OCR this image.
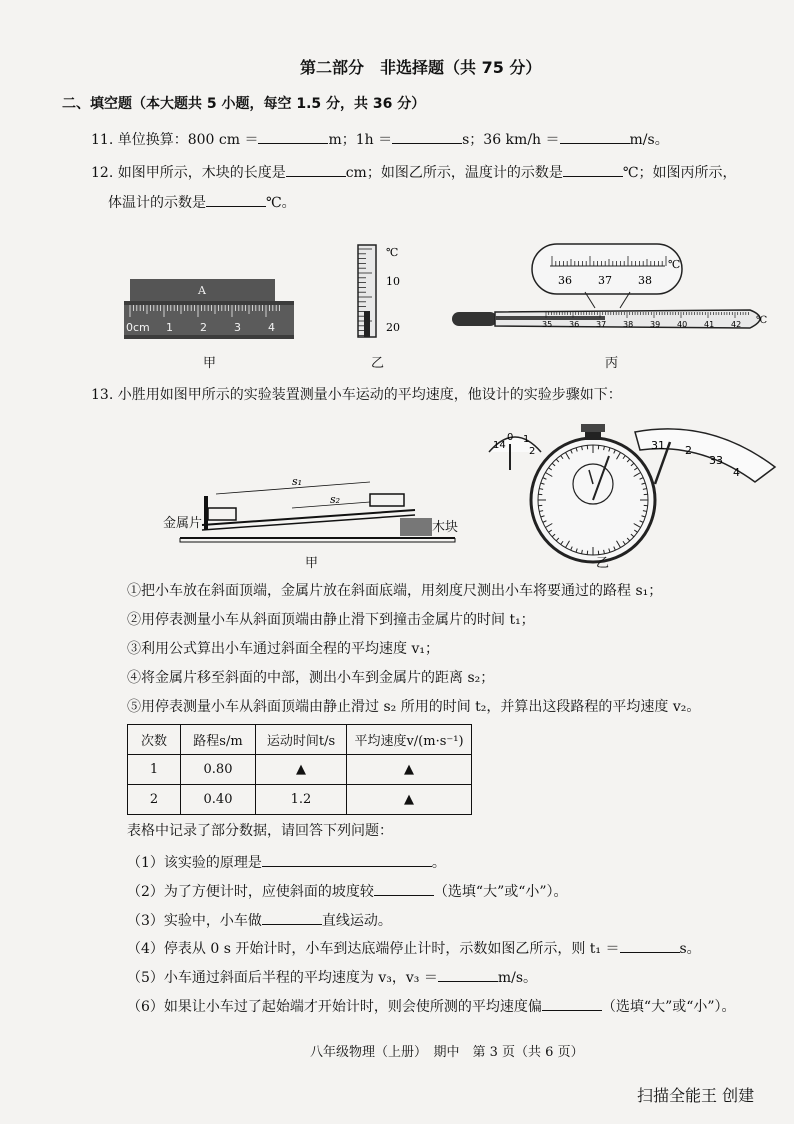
第二部分　非选择题（共 75 分）
二、填空题（本大题共 5 小题，每空 1.5 分，共 36 分）
11. 单位换算：800 cm ＝	m；1h ＝	s；36 km/h ＝	m/s。
12. 如图甲所示，木块的长度是	cm；如图乙所示，温度计的示数是	℃；如图丙所示，
体温计的示数是	℃。
A
0cm 1 2 3 4
甲
℃
10
20
乙
℃
36 37 38
35 36 37 38 39 40 41 42 ℃
丙
13. 小胜用如图甲所示的实验装置测量小车运动的平均速度，他设计的实验步骤如下：
s₁
s₂
金属片	木块
甲
14
0 1
2	31 2
33
4
乙
①把小车放在斜面顶端，金属片放在斜面底端，用刻度尺测出小车将要通过的路程 s₁；
②用停表测量小车从斜面顶端由静止滑下到撞击金属片的时间 t₁；
③利用公式算出小车通过斜面全程的平均速度 v₁；
④将金属片移至斜面的中部，测出小车到金属片的距离 s₂；
⑤用停表测量小车从斜面顶端由静止滑过 s₂ 所用的时间 t₂，并算出这段路程的平均速度 v₂。
次数	路程s/m	运动时间t/s	平均速度v/(m·s⁻¹)
1	0.80	▲	▲
2	0.40	1.2	▲
表格中记录了部分数据，请回答下列问题：
（1）该实验的原理是	。
（2）为了方便计时，应使斜面的坡度较	（选填“大”或“小”）。
（3）实验中，小车做	直线运动。
（4）停表从 0 s 开始计时，小车到达底端停止计时，示数如图乙所示，则 t₁ ＝	s。
（5）小车通过斜面后半程的平均速度为 v₃，v₃ ＝	m/s。
（6）如果让小车过了起始端才开始计时，则会使所测的平均速度偏	（选填“大”或“小”）。
八年级物理（上册）　期中　第 3 页（共 6 页）
扫描全能王 创建
